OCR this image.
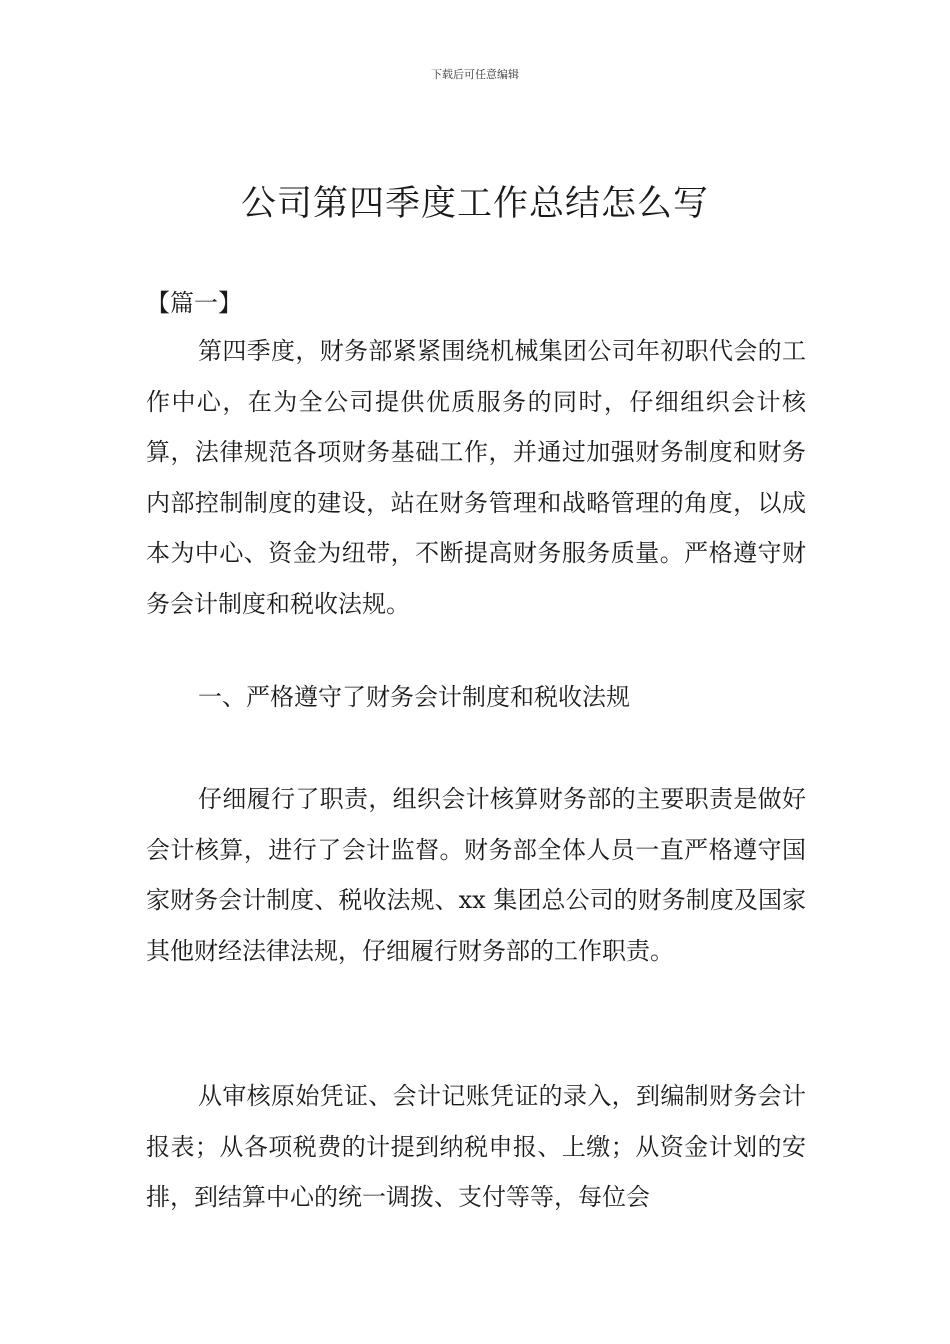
下载后可任意编辑
公司第四季度工作总结怎么写
【篇一】

第四季度，财务部紧紧围绕机械集团公司年初职代会的工作中心，在为全公司提供优质服务的同时，仔细组织会计核算，法律规范各项财务基础工作，并通过加强财务制度和财务内部控制制度的建设，站在财务管理和战略管理的角度，以成本为中心、资金为纽带，不断提高财务服务质量。严格遵守财务会计制度和税收法规。

一、严格遵守了财务会计制度和税收法规

仔细履行了职责，组织会计核算财务部的主要职责是做好会计核算，进行了会计监督。财务部全体人员一直严格遵守国家财务会计制度、税收法规、xx 集团总公司的财务制度及国家其他财经法律法规，仔细履行财务部的工作职责。

从审核原始凭证、会计记账凭证的录入，到编制财务会计报表；从各项税费的计提到纳税申报、上缴；从资金计划的安排，到结算中心的统一调拨、支付等等，每位会
